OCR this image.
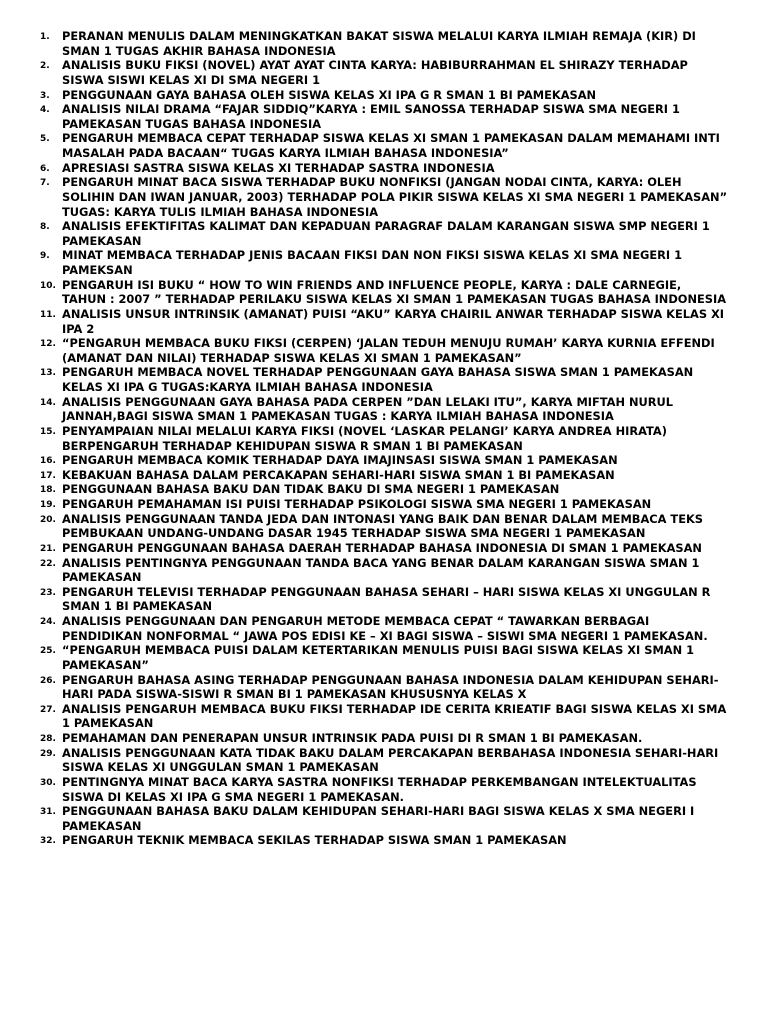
1. PERANAN MENULIS DALAM MENINGKATKAN BAKAT SISWA MELALUI KARYA ILMIAH REMAJA (KIR) DI SMAN 1 TUGAS AKHIR BAHASA INDONESIA
2. ANALISIS BUKU FIKSI (NOVEL) AYAT AYAT CINTA KARYA: HABIBURRAHMAN EL SHIRAZY TERHADAP SISWA SISWI KELAS XI DI SMA NEGERI 1
3. PENGGUNAAN GAYA BAHASA OLEH SISWA KELAS XI IPA G R SMAN 1 BI PAMEKASAN
4. ANALISIS NILAI DRAMA “FAJAR SIDDIQ”KARYA : EMIL SANOSSA TERHADAP SISWA SMA NEGERI 1 PAMEKASAN TUGAS BAHASA INDONESIA
5. PENGARUH MEMBACA CEPAT TERHADAP SISWA KELAS XI SMAN 1 PAMEKASAN DALAM MEMAHAMI INTI MASALAH PADA BACAAN“ TUGAS KARYA ILMIAH BAHASA INDONESIA”
6. APRESIASI SASTRA SISWA KELAS XI TERHADAP SASTRA INDONESIA
7. PENGARUH MINAT BACA SISWA TERHADAP BUKU NONFIKSI (JANGAN NODAI CINTA, KARYA: OLEH SOLIHIN DAN IWAN JANUAR, 2003) TERHADAP POLA PIKIR SISWA KELAS XI SMA NEGERI 1 PAMEKASAN” TUGAS: KARYA TULIS ILMIAH BAHASA INDONESIA
8. ANALISIS EFEKTIFITAS KALIMAT DAN KEPADUAN PARAGRAF DALAM KARANGAN SISWA SMP NEGERI 1 PAMEKASAN
9. MINAT MEMBACA TERHADAP JENIS BACAAN FIKSI DAN NON FIKSI SISWA KELAS XI SMA NEGERI 1 PAMEKSAN
10. PENGARUH ISI BUKU “ HOW TO WIN FRIENDS AND INFLUENCE PEOPLE, KARYA : DALE CARNEGIE, TAHUN : 2007 ” TERHADAP PERILAKU SISWA KELAS XI SMAN 1 PAMEKASAN TUGAS BAHASA INDONESIA
11. ANALISIS UNSUR INTRINSIK (AMANAT) PUISI “AKU” KARYA CHAIRIL ANWAR TERHADAP SISWA KELAS XI IPA 2
12. “PENGARUH MEMBACA BUKU FIKSI (CERPEN) ‘JALAN TEDUH MENUJU RUMAH’ KARYA KURNIA EFFENDI (AMANAT DAN NILAI) TERHADAP SISWA KELAS XI SMAN 1 PAMEKASAN”
13. PENGARUH MEMBACA NOVEL TERHADAP PENGGUNAAN GAYA BAHASA SISWA SMAN 1 PAMEKASAN KELAS XI IPA G TUGAS:KARYA ILMIAH BAHASA INDONESIA
14. ANALISIS PENGGUNAAN GAYA BAHASA PADA CERPEN ”DAN LELAKI ITU”, KARYA MIFTAH NURUL JANNAH,BAGI SISWA SMAN 1 PAMEKASAN TUGAS : KARYA ILMIAH BAHASA INDONESIA
15. PENYAMPAIAN NILAI MELALUI KARYA FIKSI (NOVEL ‘LASKAR PELANGI’ KARYA ANDREA HIRATA) BERPENGARUH TERHADAP KEHIDUPAN SISWA R SMAN 1 BI PAMEKASAN
16. PENGARUH MEMBACA KOMIK TERHADAP DAYA IMAJINSASI SISWA SMAN 1 PAMEKASAN
17. KEBAKUAN BAHASA DALAM PERCAKAPAN SEHARI-HARI SISWA SMAN 1 BI PAMEKASAN
18. PENGGUNAAN BAHASA BAKU DAN TIDAK BAKU DI SMA NEGERI 1 PAMEKASAN
19. PENGARUH PEMAHAMAN ISI PUISI TERHADAP PSIKOLOGI SISWA SMA NEGERI 1 PAMEKASAN
20. ANALISIS PENGGUNAAN TANDA JEDA DAN INTONASI YANG BAIK DAN BENAR DALAM MEMBACA TEKS PEMBUKAAN UNDANG-UNDANG DASAR 1945 TERHADAP SISWA SMA NEGERI 1 PAMEKASAN
21. PENGARUH PENGGUNAAN BAHASA DAERAH TERHADAP BAHASA INDONESIA DI SMAN 1 PAMEKASAN
22. ANALISIS PENTINGNYA PENGGUNAAN TANDA BACA YANG BENAR DALAM KARANGAN SISWA SMAN 1 PAMEKASAN
23. PENGARUH TELEVISI TERHADAP PENGGUNAAN BAHASA SEHARI – HARI SISWA KELAS XI UNGGULAN R SMAN 1 BI PAMEKASAN
24. ANALISIS PENGGUNAAN DAN PENGARUH METODE MEMBACA CEPAT “ TAWARKAN BERBAGAI PENDIDIKAN NONFORMAL “ JAWA POS EDISI KE – XI BAGI SISWA – SISWI SMA NEGERI 1 PAMEKASAN.
25. “PENGARUH MEMBACA PUISI DALAM KETERTARIKAN MENULIS PUISI BAGI SISWA KELAS XI SMAN 1 PAMEKASAN”
26. PENGARUH BAHASA ASING TERHADAP PENGGUNAAN BAHASA INDONESIA DALAM KEHIDUPAN SEHARI-HARI PADA SISWA-SISWI R SMAN BI 1 PAMEKASAN KHUSUSNYA KELAS X
27. ANALISIS PENGARUH MEMBACA BUKU FIKSI TERHADAP IDE CERITA KRIEATIF BAGI SISWA KELAS XI SMA 1 PAMEKASAN
28. PEMAHAMAN DAN PENERAPAN UNSUR INTRINSIK PADA PUISI DI R SMAN 1 BI PAMEKASAN.
29. ANALISIS PENGGUNAAN KATA TIDAK BAKU DALAM PERCAKAPAN BERBAHASA INDONESIA SEHARI-HARI SISWA KELAS XI UNGGULAN SMAN 1 PAMEKASAN
30. PENTINGNYA MINAT BACA KARYA SASTRA NONFIKSI TERHADAP PERKEMBANGAN INTELEKTUALITAS SISWA DI KELAS XI IPA G SMA NEGERI 1 PAMEKASAN.
31. PENGGUNAAN BAHASA BAKU DALAM KEHIDUPAN SEHARI-HARI BAGI SISWA KELAS X SMA NEGERI I PAMEKASAN
32. PENGARUH TEKNIK MEMBACA SEKILAS TERHADAP SISWA SMAN 1 PAMEKASAN
